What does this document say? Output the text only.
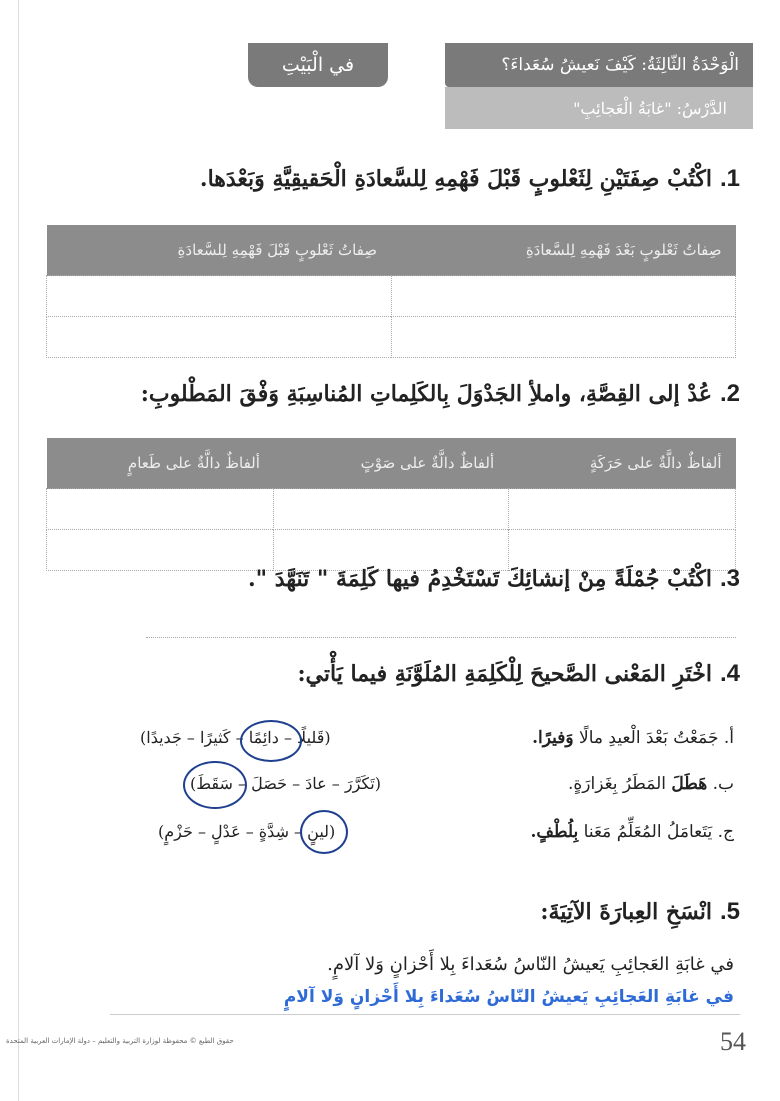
الْوَحْدَةُ الثّالِثَةُ: كَيْفَ نَعيشُ سُعَداءَ؟
في الْبَيْتِ
الدَّرْسُ: "غابَةُ الْعَجائِبِ"
1.
اكْتُبْ صِفَتَيْنِ لِثَعْلوبٍ قَبْلَ فَهْمِهِ لِلسَّعادَةِ الْحَقيقِيَّةِ وَبَعْدَها.
صِفاتُ ثَعْلوبٍ بَعْدَ فَهْمِهِ لِلسَّعادَةِ	صِفاتُ ثَعْلوبٍ قَبْلَ فَهْمِهِ لِلسَّعادَةِ

2.
عُدْ إلى القِصَّةِ، واملأِ الجَدْوَلَ بِالكَلِماتِ المُناسِبَةِ وَفْقَ المَطْلوبِ:
ألفاظٌ دالَّةٌ على حَرَكَةٍ	ألفاظٌ دالَّةٌ على صَوْتٍ	ألفاظٌ دالَّةٌ على طَعامٍ

3.
اكْتُبْ جُمْلَةً مِنْ إنشائِكَ تَسْتَخْدِمُ فيها كَلِمَةَ " تَنَهَّدَ ".
4.
اخْتَرِ المَعْنى الصَّحيحَ لِلْكَلِمَةِ المُلَوَّنَةِ فيما يَأْتي:
أ. جَمَعْتُ بَعْدَ الْعيدِ مالًا وَفيرًا.
(قَليلًا – دائِمًا – كَثيرًا – جَديدًا)
ب. هَطَلَ المَطَرُ بِغَزارَةٍ.
(تَكَرَّرَ – عادَ – حَصَلَ – سَقَطَ)
ج. يَتَعامَلُ المُعَلِّمُ مَعَنا بِلُطْفٍ.
(لينٍ – شِدَّةٍ – عَدْلٍ – حَزْمٍ)
5.
انْسَخِ العِبارَةَ الآتِيَةَ:
في غابَةِ العَجائِبِ يَعيشُ النّاسُ سُعَداءَ بِلا أَحْزانٍ وَلا آلامٍ.
في غابَةِ العَجائِبِ يَعيشُ النّاسُ سُعَداءَ بِلا أَحْزانٍ وَلا آلامٍ
حقوق الطبع © محفوظة لوزارة التربية والتعليم – دولة الإمارات العربية المتحدة	54
